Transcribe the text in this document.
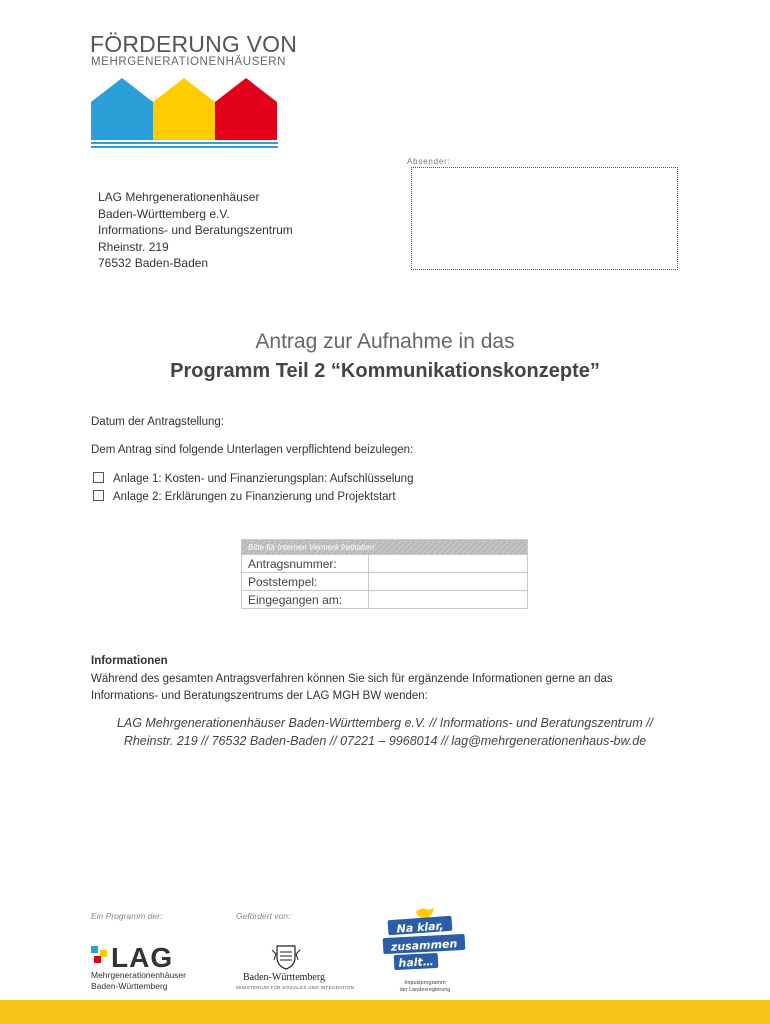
FÖRDERUNG VON
MEHRGENERATIONENHÄUSERN
Absender:
LAG Mehrgenerationenhäuser
Baden-Württemberg e.V.
Informations- und Beratungszentrum
Rheinstr. 219
76532 Baden-Baden
Antrag zur Aufnahme in das
Programm Teil 2 “Kommunikationskonzepte”
Datum der Antragstellung:
Dem Antrag sind folgende Unterlagen verpflichtend beizulegen:
Anlage 1: Kosten- und Finanzierungsplan: Aufschlüsselung
Anlage 2: Erklärungen zu Finanzierung und Projektstart
Bitte für internen Vermerk freihalten:	
Antragsnummer:	
Poststempel:	
Eingegangen am:	
Informationen
Während des gesamten Antragsverfahren können Sie sich für ergänzende Informationen gerne an das
Informations- und Beratungszentrums der LAG MGH BW wenden:
LAG Mehrgenerationenhäuser Baden-Württemberg e.V. // Informations- und Beratungszentrum //
Rheinstr. 219 // 76532 Baden-Baden // 07221 – 9968014 // lag@mehrgenerationenhaus-bw.de
Ein Programm der:	Gefördert von:
LAG
Mehrgenerationenhäuser
Baden-Württemberg
Baden-Württemberg
MINISTERIUM FÜR SOZIALES UND INTEGRATION
Na klar,
zusammen
halt…
Impulsprogramm
der Landesregierung
